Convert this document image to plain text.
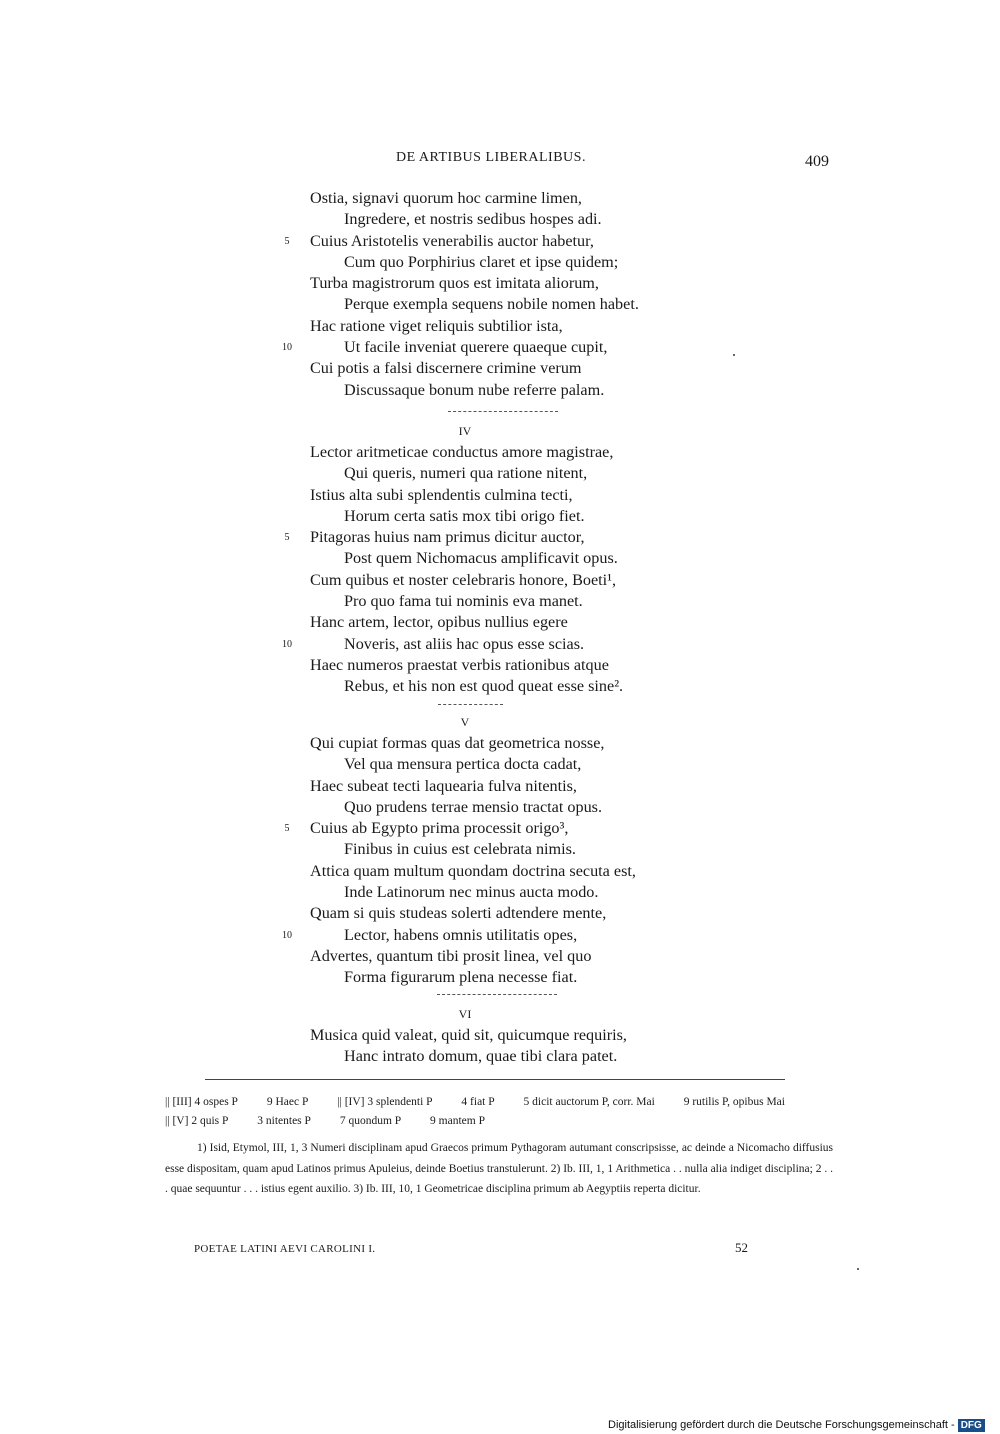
DE ARTIBUS LIBERALIBUS.	409
Ostia, signavi quorum hoc carmine limen,
Ingredere, et nostris sedibus hospes adi.
5 Cuius Aristotelis venerabilis auctor habetur,
Cum quo Porphirius claret et ipse quidem;
Turba magistrorum quos est imitata aliorum,
Perque exempla sequens nobile nomen habet.
Hac ratione viget reliquis subtilior ista,
10	Ut facile inveniat querere quaeque cupit,
Cui potis a falsi discernere crimine verum
Discussaque bonum nube referre palam.
IV
Lector aritmeticae conductus amore magistrae,
Qui queris, numeri qua ratione nitent,
Istius alta subi splendentis culmina tecti,
Horum certa satis mox tibi origo fiet.
5 Pitagoras huius nam primus dicitur auctor,
Post quem Nichomacus amplificavit opus.
Cum quibus et noster celebraris honore, Boeti¹,
Pro quo fama tui nominis eva manet.
Hanc artem, lector, opibus nullius egere
10	Noveris, ast aliis hac opus esse scias.
Haec numeros praestat verbis rationibus atque
Rebus, et his non est quod queat esse sine².
V
Qui cupiat formas quas dat geometrica nosse,
Vel qua mensura pertica docta cadat,
Haec subeat tecti laquearia fulva nitentis,
Quo prudens terrae mensio tractat opus.
5 Cuius ab Egypto prima processit origo³,
Finibus in cuius est celebrata nimis.
Attica quam multum quondam doctrina secuta est,
Inde Latinorum nec minus aucta modo.
Quam si quis studeas solerti adtendere mente,
10	Lector, habens omnis utilitatis opes,
Advertes, quantum tibi prosit linea, vel quo
Forma figurarum plena necesse fiat.
VI
Musica quid valeat, quid sit, quicumque requiris,
Hanc intrato domum, quae tibi clara patet.
|| [III] 4 ospes P	9 Haec P	|| [IV] 3 splendenti P	4 fiat P	5 dicit auctorum P, corr. Mai	9 rutilis P, opibus Mai || [V] 2 quis P	3 nitentes P	7 quondum P	9 mantem P

1) Isid, Etymol, III, 1, 3 Numeri disciplinam apud Graecos primum Pythagoram autumant conscripsisse, ac deinde a Nicomacho diffusius esse dispositam, quam apud Latinos primus Apuleius, deinde Boetius transtulerunt. 2) Ib. III, 1, 1 Arithmetica . . nulla alia indiget disciplina; 2 . . . quae sequuntur . . . istius egent auxilio. 3) Ib. III, 10, 1 Geometricae disciplina primum ab Aegyptiis reperta dicitur.

POETAE LATINI AEVI CAROLINI I.	52
Digitalisierung gefördert durch die Deutsche Forschungsgemeinschaft - DFG
